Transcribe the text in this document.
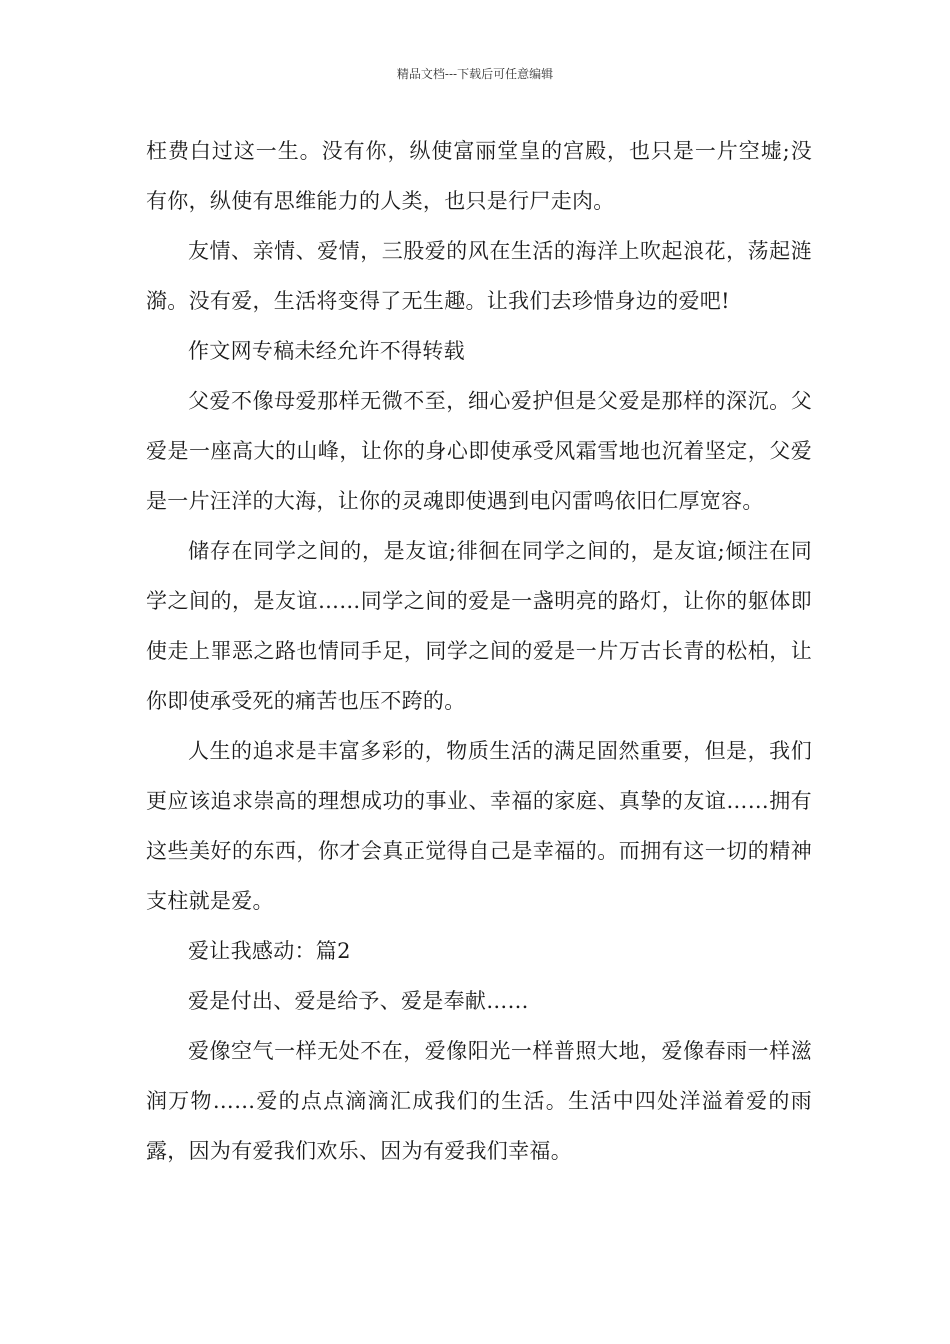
精品文档---下载后可任意编辑

枉费白过这一生。没有你，纵使富丽堂皇的宫殿，也只是一片空墟;没有你，纵使有思维能力的人类，也只是行尸走肉。

友情、亲情、爱情，三股爱的风在生活的海洋上吹起浪花，荡起涟漪。没有爱，生活将变得了无生趣。让我们去珍惜身边的爱吧!

作文网专稿未经允许不得转载

父爱不像母爱那样无微不至，细心爱护但是父爱是那样的深沉。父爱是一座高大的山峰，让你的身心即使承受风霜雪地也沉着坚定，父爱是一片汪洋的大海，让你的灵魂即使遇到电闪雷鸣依旧仁厚宽容。

储存在同学之间的，是友谊;徘徊在同学之间的，是友谊;倾注在同学之间的，是友谊……同学之间的爱是一盏明亮的路灯，让你的躯体即使走上罪恶之路也情同手足，同学之间的爱是一片万古长青的松柏，让你即使承受死的痛苦也压不跨的。

人生的追求是丰富多彩的，物质生活的满足固然重要，但是，我们更应该追求崇高的理想成功的事业、幸福的家庭、真挚的友谊……拥有这些美好的东西，你才会真正觉得自己是幸福的。而拥有这一切的精神支柱就是爱。

爱让我感动：篇2

爱是付出、爱是给予、爱是奉献……

爱像空气一样无处不在，爱像阳光一样普照大地，爱像春雨一样滋润万物……爱的点点滴滴汇成我们的生活。生活中四处洋溢着爱的雨露，因为有爱我们欢乐、因为有爱我们幸福。
